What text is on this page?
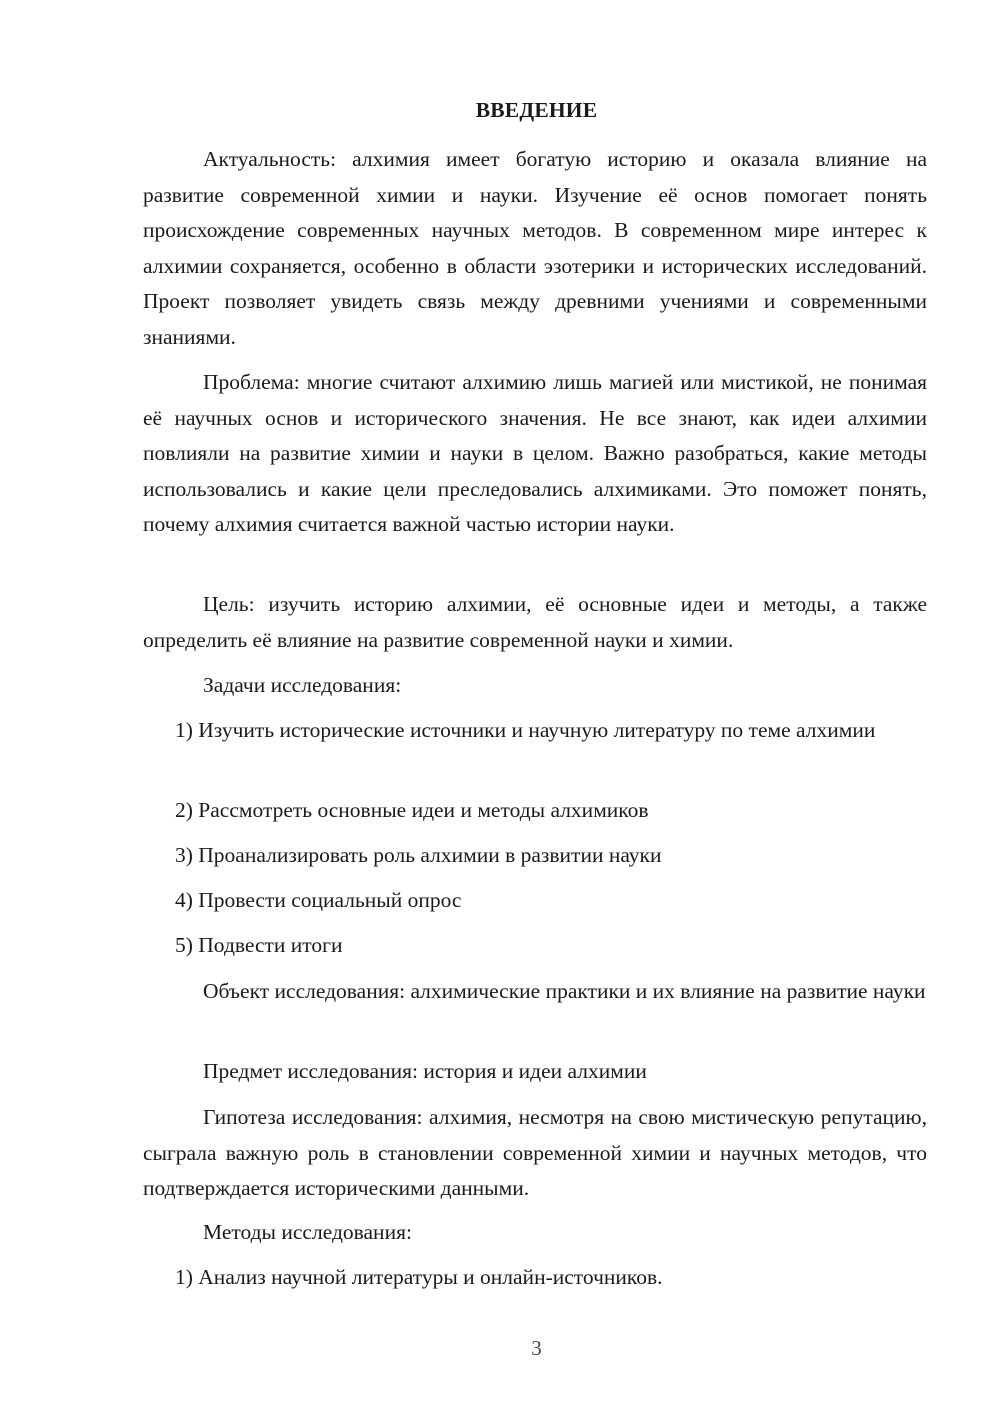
ВВЕДЕНИЕ

Актуальность: алхимия имеет богатую историю и оказала влияние на развитие современной химии и науки. Изучение её основ помогает понять происхождение современных научных методов. В современном мире интерес к алхимии сохраняется, особенно в области эзотерики и исторических исследований. Проект позволяет увидеть связь между древними учениями и современными знаниями.

Проблема: многие считают алхимию лишь магией или мистикой, не понимая её научных основ и исторического значения. Не все знают, как идеи алхимии повлияли на развитие химии и науки в целом. Важно разобраться, какие методы использовались и какие цели преследовались алхимиками. Это поможет понять, почему алхимия считается важной частью истории науки.

Цель: изучить историю алхимии, её основные идеи и методы, а также определить её влияние на развитие современной науки и химии.

Задачи исследования:

1) Изучить исторические источники и научную литературу по теме алхимии

2) Рассмотреть основные идеи и методы алхимиков

3) Проанализировать роль алхимии в развитии науки

4) Провести социальный опрос

5) Подвести итоги

Объект исследования: алхимические практики и их влияние на развитие науки

Предмет исследования: история и идеи алхимии

Гипотеза исследования: алхимия, несмотря на свою мистическую репутацию, сыграла важную роль в становлении современной химии и научных методов, что подтверждается историческими данными.

Методы исследования:

1) Анализ научной литературы и онлайн-источников.

3
